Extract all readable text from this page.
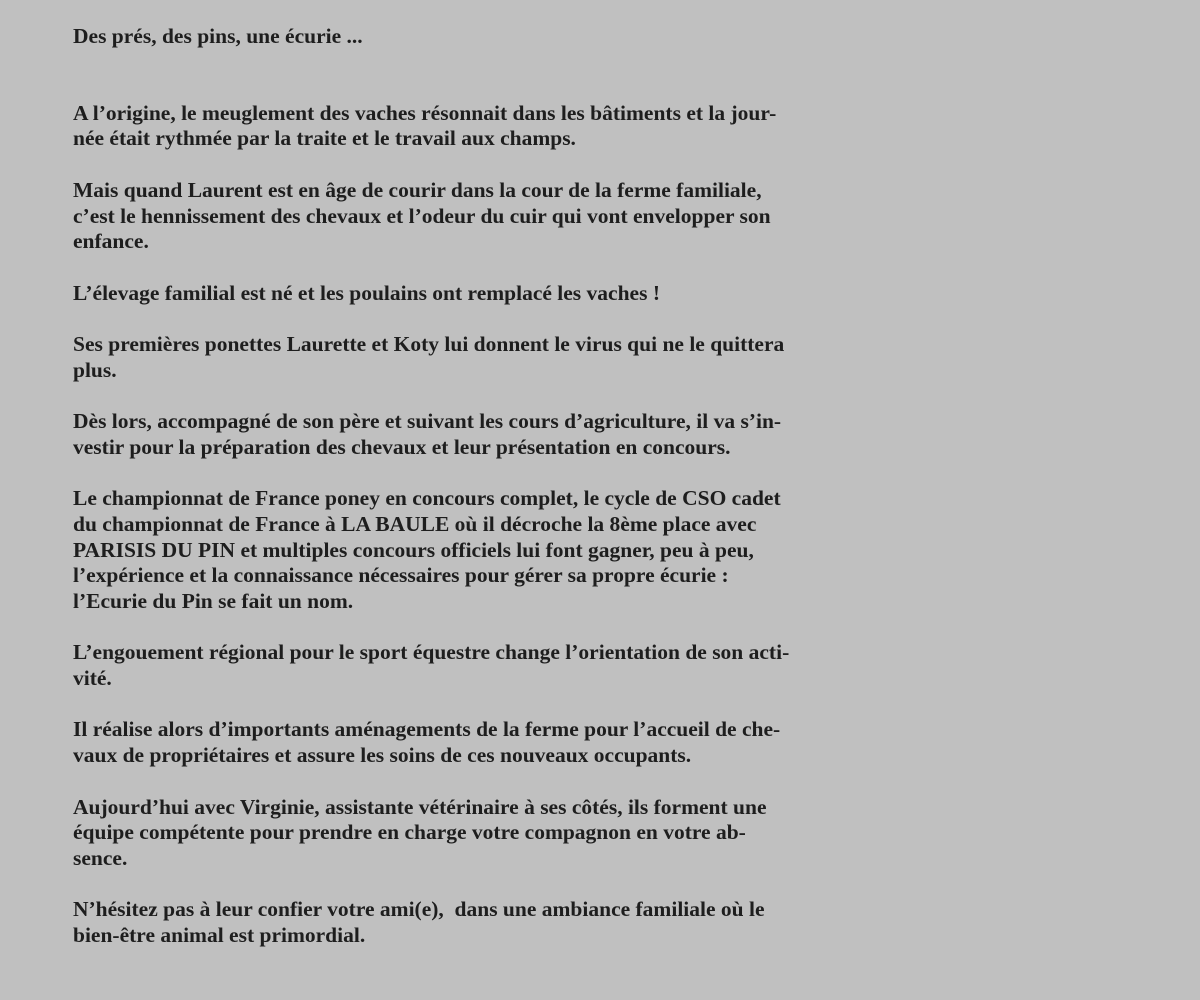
Des prés, des pins, une écurie ...
A l’origine, le meuglement des vaches résonnait dans les bâtiments et la jour-
née était rythmée par la traite et le travail aux champs.
Mais quand Laurent est en âge de courir dans la cour de la ferme familiale,
c’est le hennissement des chevaux et l’odeur du cuir qui vont envelopper son
enfance.
L’élevage familial est né et les poulains ont remplacé les vaches !
Ses premières ponettes Laurette et Koty lui donnent le virus qui ne le quittera
plus.
Dès lors, accompagné de son père et suivant les cours d’agriculture, il va s’in-
vestir pour la préparation des chevaux et leur présentation en concours.
Le championnat de France poney en concours complet, le cycle de CSO cadet
du championnat de France à LA BAULE où il décroche la 8ème place avec
PARISIS DU PIN et multiples concours officiels lui font gagner, peu à peu,
l’expérience et la connaissance nécessaires pour gérer sa propre écurie :
l’Ecurie du Pin se fait un nom.
L’engouement régional pour le sport équestre change l’orientation de son acti-
vité.
Il réalise alors d’importants aménagements de la ferme pour l’accueil de che-
vaux de propriétaires et assure les soins de ces nouveaux occupants.
Aujourd’hui avec Virginie, assistante vétérinaire à ses côtés, ils forment une
équipe compétente pour prendre en charge votre compagnon en votre ab-
sence.
N’hésitez pas à leur confier votre ami(e),  dans une ambiance familiale où le
bien-être animal est primordial.
